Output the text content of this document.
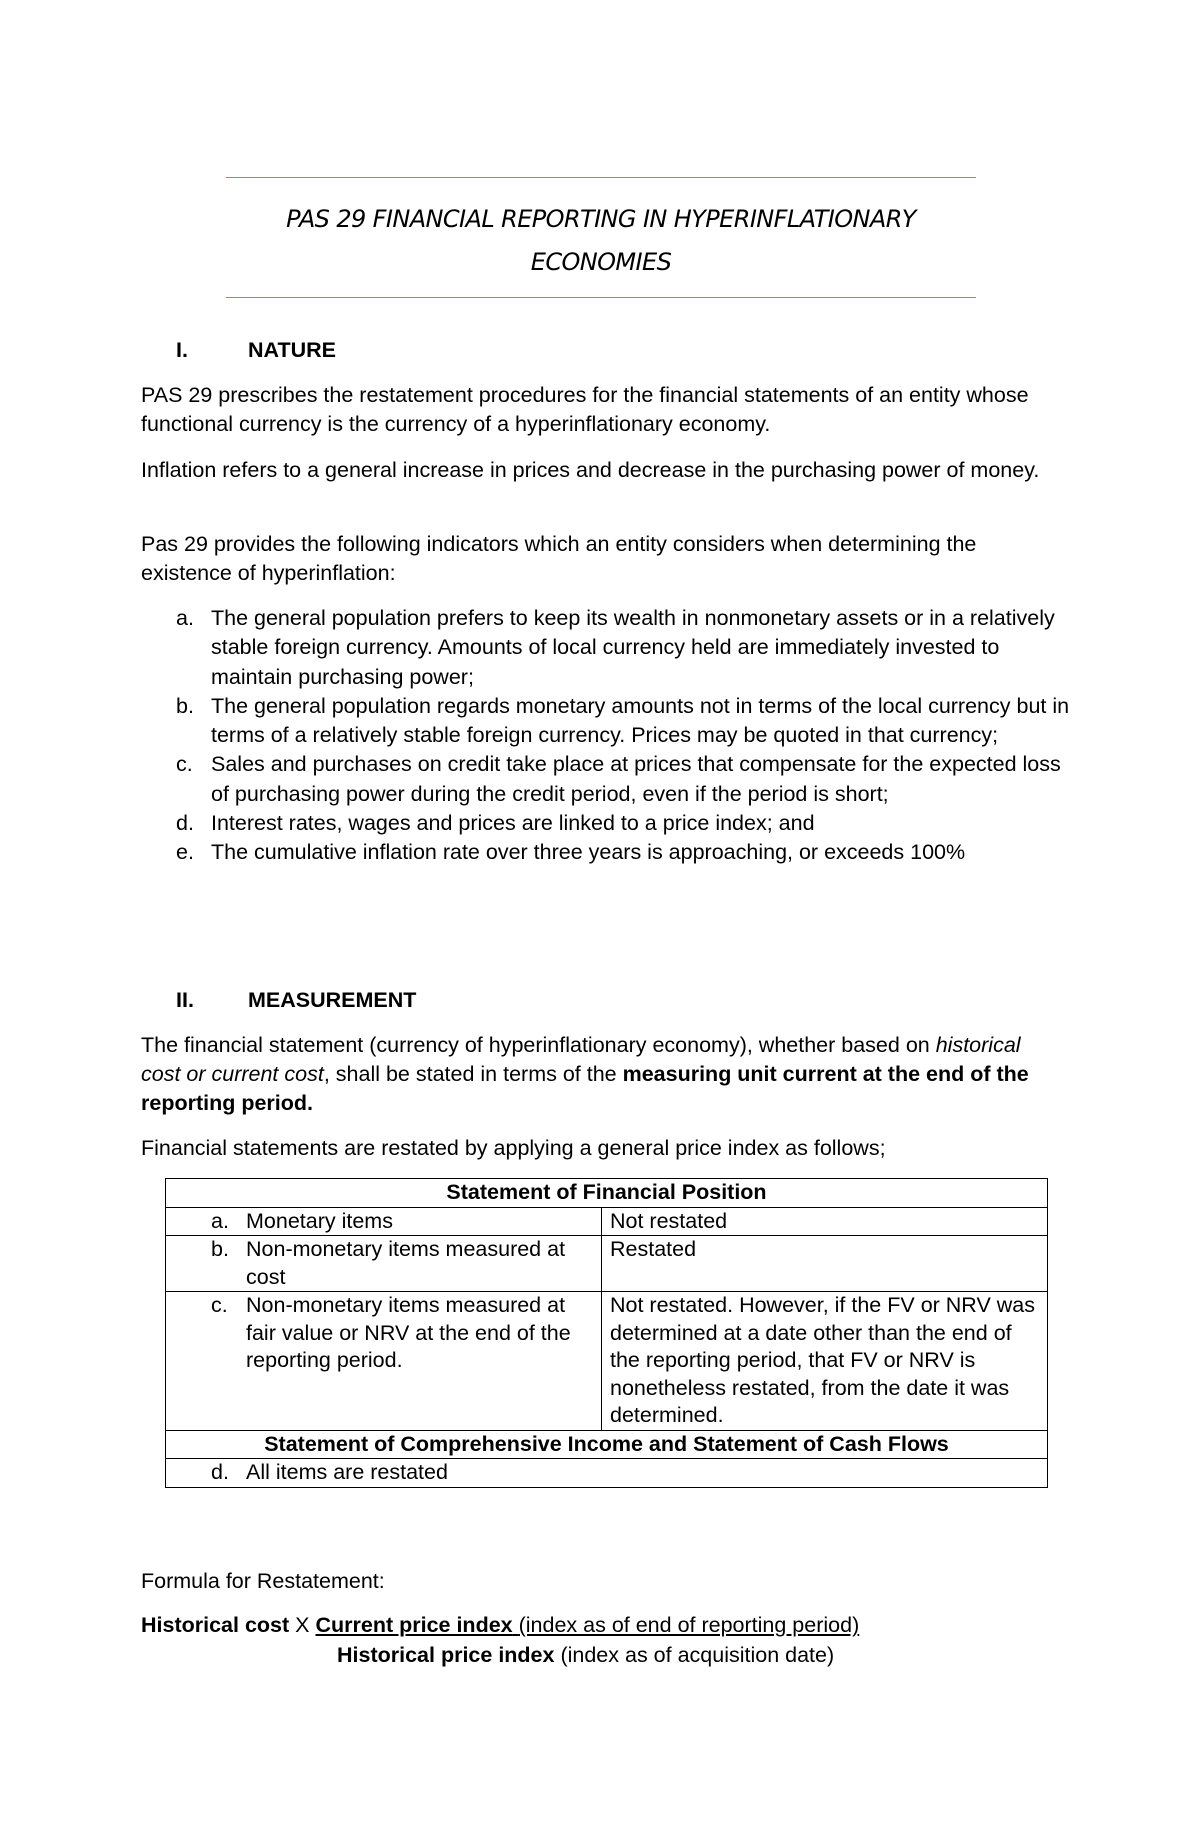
PAS 29 FINANCIAL REPORTING IN HYPERINFLATIONARY ECONOMIES
I.	NATURE

PAS 29 prescribes the restatement procedures for the financial statements of an entity whose functional currency is the currency of a hyperinflationary economy.

Inflation refers to a general increase in prices and decrease in the purchasing power of money.

Pas 29 provides the following indicators which an entity considers when determining the existence of hyperinflation:

a. The general population prefers to keep its wealth in nonmonetary assets or in a relatively stable foreign currency. Amounts of local currency held are immediately invested to maintain purchasing power;
b. The general population regards monetary amounts not in terms of the local currency but in terms of a relatively stable foreign currency. Prices may be quoted in that currency;
c. Sales and purchases on credit take place at prices that compensate for the expected loss of purchasing power during the credit period, even if the period is short;
d. Interest rates, wages and prices are linked to a price index; and
e. The cumulative inflation rate over three years is approaching, or exceeds 100%
II.	MEASUREMENT

The financial statement (currency of hyperinflationary economy), whether based on historical cost or current cost, shall be stated in terms of the measuring unit current at the end of the reporting period.

Financial statements are restated by applying a general price index as follows;

Statement of Financial Position	

a. Monetary items	Not restated

b. Non-monetary items measured at cost	Restated

c. Non-monetary items measured at fair value or NRV at the end of the reporting period.	Not restated. However, if the FV or NRV was determined at a date other than the end of the reporting period, that FV or NRV is nonetheless restated, from the date it was determined.
Statement of Comprehensive Income and Statement of Cash Flows	

d. All items are restated	
Formula for Restatement:
Historical cost X Current price index (index as of end of reporting period)
Historical price index (index as of acquisition date)
